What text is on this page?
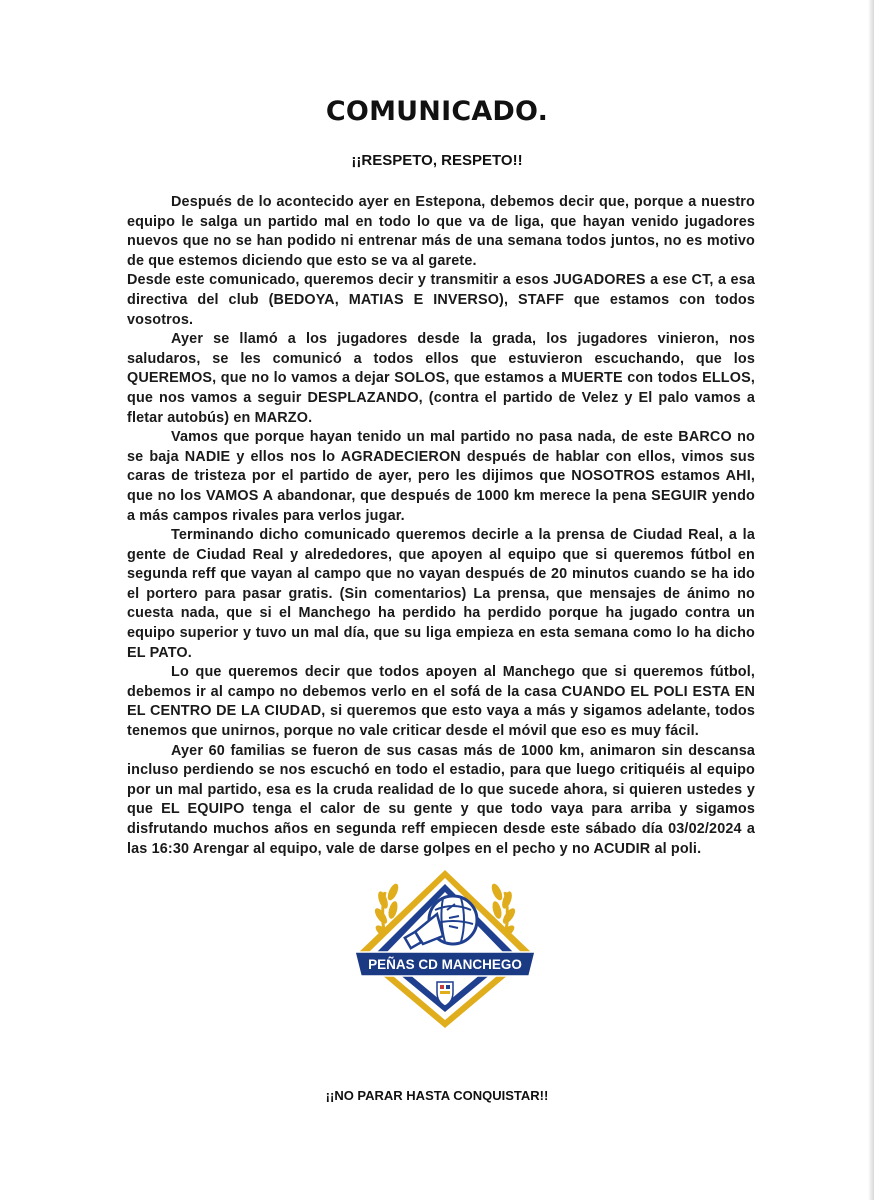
COMUNICADO.
¡¡RESPETO, RESPETO!!

Después de lo acontecido ayer en Estepona, debemos decir que, porque a nuestro equipo le salga un partido mal en todo lo que va de liga, que hayan venido jugadores nuevos que no se han podido ni entrenar más de una semana todos juntos, no es motivo de que estemos diciendo que esto se va al garete.

Desde este comunicado, queremos decir y transmitir a esos JUGADORES a ese CT, a esa directiva del club (BEDOYA, MATIAS E INVERSO), STAFF que estamos con todos vosotros.

Ayer se llamó a los jugadores desde la grada, los jugadores vinieron, nos saludaros, se les comunicó a todos ellos que estuvieron escuchando, que los QUEREMOS, que no lo vamos a dejar SOLOS, que estamos a MUERTE con todos ELLOS, que nos vamos a seguir DESPLAZANDO, (contra el partido de Velez y El palo vamos a fletar autobús) en MARZO.

Vamos que porque hayan tenido un mal partido no pasa nada, de este BARCO no se baja NADIE y ellos nos lo AGRADECIERON después de hablar con ellos, vimos sus caras de tristeza por el partido de ayer, pero les dijimos que NOSOTROS estamos AHI, que no los VAMOS A abandonar, que después de 1000 km merece la pena SEGUIR yendo a más campos rivales para verlos jugar.

Terminando dicho comunicado queremos decirle a la prensa de Ciudad Real, a la gente de Ciudad Real y alrededores, que apoyen al equipo que si queremos fútbol en segunda reff que vayan al campo que no vayan después de 20 minutos cuando se ha ido el portero para pasar gratis. (Sin comentarios) La prensa, que mensajes de ánimo no cuesta nada, que si el Manchego ha perdido ha perdido porque ha jugado contra un equipo superior y tuvo un mal día, que su liga empieza en esta semana como lo ha dicho EL PATO.

Lo que queremos decir que todos apoyen al Manchego que si queremos fútbol, debemos ir al campo no debemos verlo en el sofá de la casa CUANDO EL POLI ESTA EN EL CENTRO DE LA CIUDAD, si queremos que esto vaya a más y sigamos adelante, todos tenemos que unirnos, porque no vale criticar desde el móvil que eso es muy fácil.

Ayer 60 familias se fueron de sus casas más de 1000 km, animaron sin descansa incluso perdiendo se nos escuchó en todo el estadio, para que luego critiquéis al equipo por un mal partido, esa es la cruda realidad de lo que sucede ahora, si quieren ustedes y que EL EQUIPO tenga el calor de su gente y que todo vaya para arriba y sigamos disfrutando muchos años en segunda reff empiecen desde este sábado día 03/02/2024 a las 16:30 Arengar al equipo, vale de darse golpes en el pecho y no ACUDIR al poli.

PEÑAS CD MANCHEGO
¡¡NO PARAR HASTA CONQUISTAR!!
